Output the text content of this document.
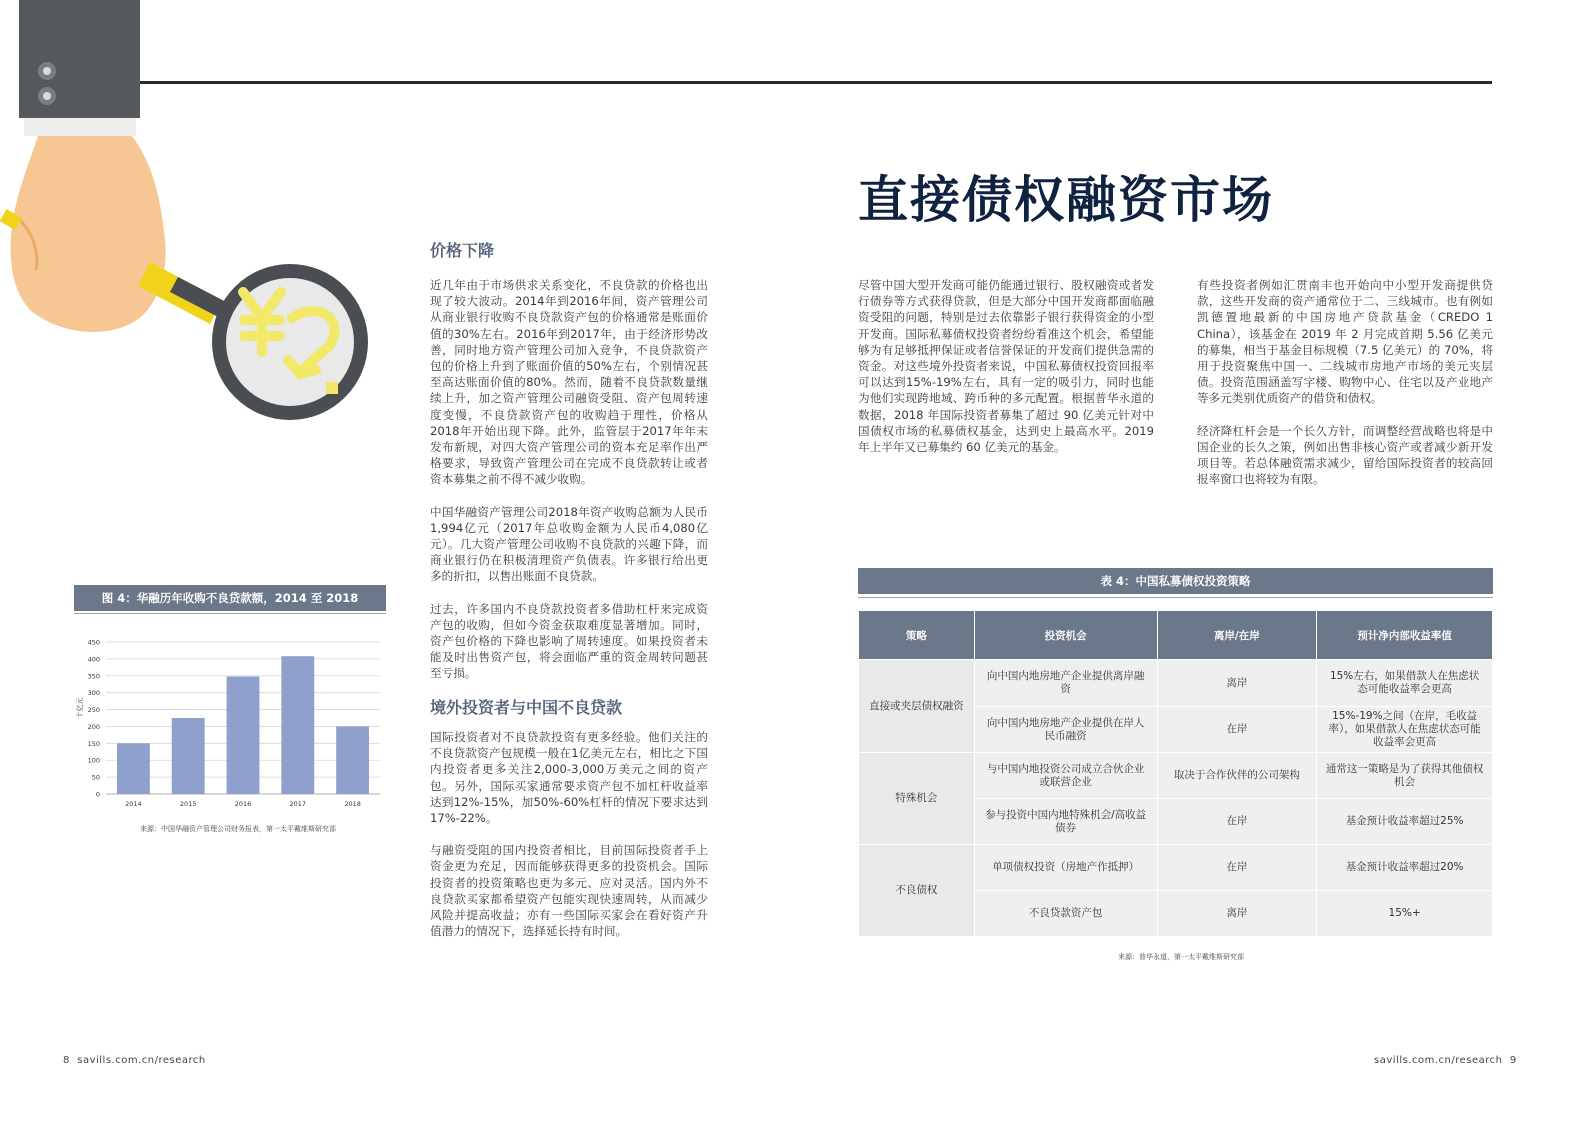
价格下降

近几年由于市场供求关系变化，不良贷款的价格也出现了较大波动。2014年到2016年间，资产管理公司从商业银行收购不良贷款资产包的价格通常是账面价值的30%左右。2016年到2017年，由于经济形势改善，同时地方资产管理公司加入竞争，不良贷款资产包的价格上升到了账面价值的50%左右，个别情况甚至高达账面价值的80%。然而，随着不良贷款数量继续上升，加之资产管理公司融资受阻、资产包周转速度变慢，不良贷款资产包的收购趋于理性，价格从2018年开始出现下降。此外，监管层于2017年年末发布新规，对四大资产管理公司的资本充足率作出严格要求，导致资产管理公司在完成不良贷款转让或者资本募集之前不得不减少收购。

中国华融资产管理公司2018年资产收购总额为人民币1,994亿元（2017年总收购金额为人民币4,080亿元）。几大资产管理公司收购不良贷款的兴趣下降，而商业银行仍在积极清理资产负债表。许多银行给出更多的折扣，以售出账面不良贷款。

过去，许多国内不良贷款投资者多借助杠杆来完成资产包的收购，但如今资金获取难度显著增加。同时，资产包价格的下降也影响了周转速度。如果投资者未能及时出售资产包，将会面临严重的资金周转问题甚至亏损。

境外投资者与中国不良贷款

国际投资者对不良贷款投资有更多经验。他们关注的不良贷款资产包规模一般在1亿美元左右，相比之下国内投资者更多关注2,000-3,000万美元之间的资产包。另外，国际买家通常要求资产包不加杠杆收益率达到12%-15%，加50%-60%杠杆的情况下要求达到17%-22%。

与融资受阻的国内投资者相比，目前国际投资者手上资金更为充足，因而能够获得更多的投资机会。国际投资者的投资策略也更为多元、应对灵活。国内外不良贷款买家都希望资产包能实现快速周转，从而减少风险并提高收益；亦有一些国际买家会在看好资产升值潜力的情况下，选择延长持有时间。

图 4：华融历年收购不良贷款额，2014 至 2018
0
50
100
150
200
250
300
350
400
450
2014	2015	2016	2017	2018
十亿元
来源：中国华融资产管理公司财务报表，第一太平戴维斯研究部
8 savills.com.cn/research
直接债权融资市场

尽管中国大型开发商可能仍能通过银行、股权融资或者发行债券等方式获得贷款，但是大部分中国开发商都面临融资受阻的问题，特别是过去依靠影子银行获得资金的小型开发商。国际私募债权投资者纷纷看准这个机会，希望能够为有足够抵押保证或者信誉保证的开发商们提供急需的资金。对这些境外投资者来说，中国私募债权投资回报率可以达到15%-19%左右，具有一定的吸引力，同时也能为他们实现跨地域、跨币种的多元配置。根据普华永道的数据，2018 年国际投资者募集了超过 90 亿美元针对中国债权市场的私募债权基金，达到史上最高水平。2019 年上半年又已募集约 60 亿美元的基金。

有些投资者例如汇贯南丰也开始向中小型开发商提供贷款，这些开发商的资产通常位于二、三线城市。也有例如凯德置地最新的中国房地产贷款基金（CREDO 1 China），该基金在 2019 年 2 月完成首期 5.56 亿美元的募集，相当于基金目标规模（7.5 亿美元）的 70%，将用于投资聚焦中国一、二线城市房地产市场的美元夹层债。投资范围涵盖写字楼、购物中心、住宅以及产业地产等多元类别优质资产的借贷和债权。

经济降杠杆会是一个长久方针，而调整经营战略也将是中国企业的长久之策，例如出售非核心资产或者减少新开发项目等。若总体融资需求减少，留给国际投资者的较高回报率窗口也将较为有限。

表 4：中国私募债权投资策略
策略	投资机会	离岸/在岸	预计净内部收益率值
直接或夹层债权融资	向中国内地房地产企业提供离岸融资	离岸	15%左右，如果借款人在焦虑状态可能收益率会更高
	向中国内地房地产企业提供在岸人民币融资	在岸	15%-19%之间（在岸，毛收益率），如果借款人在焦虑状态可能收益率会更高
特殊机会	与中国内地投资公司成立合伙企业或联营企业	取决于合作伙伴的公司架构	通常这一策略是为了获得其他债权机会
	参与投资中国内地特殊机会/高收益债券	在岸	基金预计收益率超过25%
不良债权	单项债权投资（房地产作抵押）	在岸	基金预计收益率超过20%
	不良贷款资产包	离岸	15%+
来源：普华永道，第一太平戴维斯研究部
savills.com.cn/research 9
